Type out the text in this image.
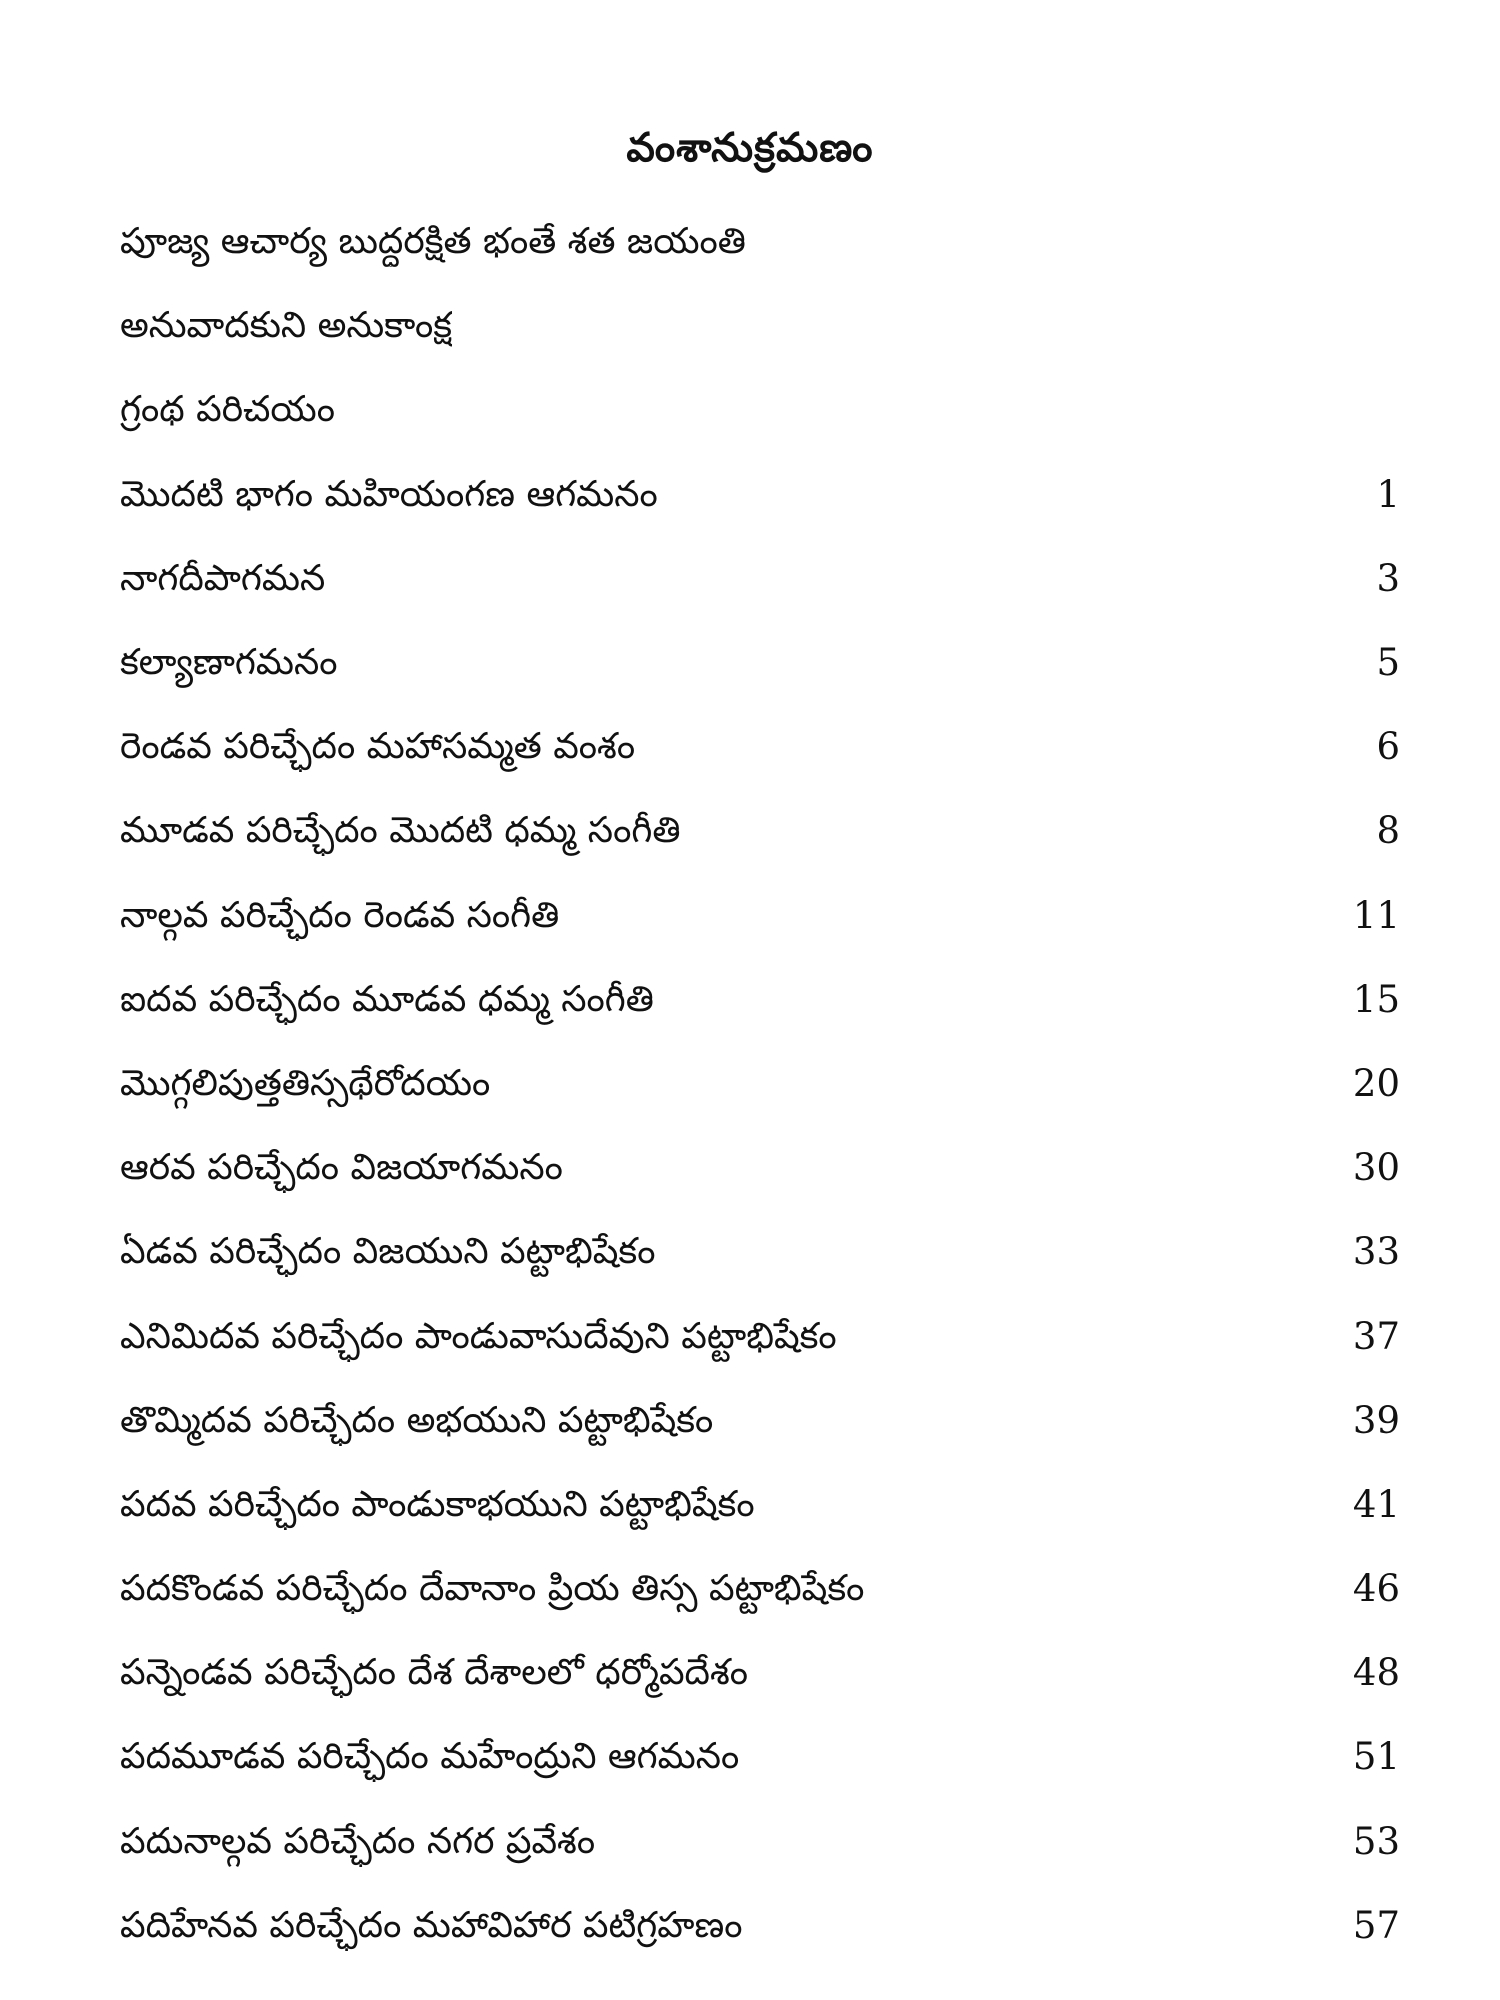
వంశానుక్రమణం
పూజ్య ఆచార్య బుద్ధరక్షిత భంతే శత జయంతి
అనువాదకుని అనుకాంక్ష
గ్రంథ పరిచయం
మొదటి భాగం మహియంగణ ఆగమనం	1
నాగదీపాగమన	3
కల్యాణాగమనం	5
రెండవ పరిచ్ఛేదం మహాసమ్మత వంశం	6
మూడవ పరిచ్ఛేదం మొదటి ధమ్మ సంగీతి	8
నాల్గవ పరిచ్ఛేదం రెండవ సంగీతి	11
ఐదవ పరిచ్ఛేదం మూడవ ధమ్మ సంగీతి	15
మొగ్గలిపుత్తతిస్సథేరోదయం	20
ఆరవ పరిచ్ఛేదం విజయాగమనం	30
ఏడవ పరిచ్ఛేదం విజయుని పట్టాభిషేకం	33
ఎనిమిదవ పరిచ్ఛేదం పాండువాసుదేవుని పట్టాభిషేకం	37
తొమ్మిదవ పరిచ్ఛేదం అభయుని పట్టాభిషేకం	39
పదవ పరిచ్ఛేదం పాండుకాభయుని పట్టాభిషేకం	41
పదకొండవ పరిచ్ఛేదం దేవానాం ప్రియ తిస్స పట్టాభిషేకం	46
పన్నెండవ పరిచ్ఛేదం దేశ దేశాలలో ధర్మోపదేశం	48
పదమూడవ పరిచ్ఛేదం మహేంద్రుని ఆగమనం	51
పదునాల్గవ పరిచ్ఛేదం నగర ప్రవేశం	53
పదిహేనవ పరిచ్ఛేదం మహావిహార పటిగ్రహణం	57
